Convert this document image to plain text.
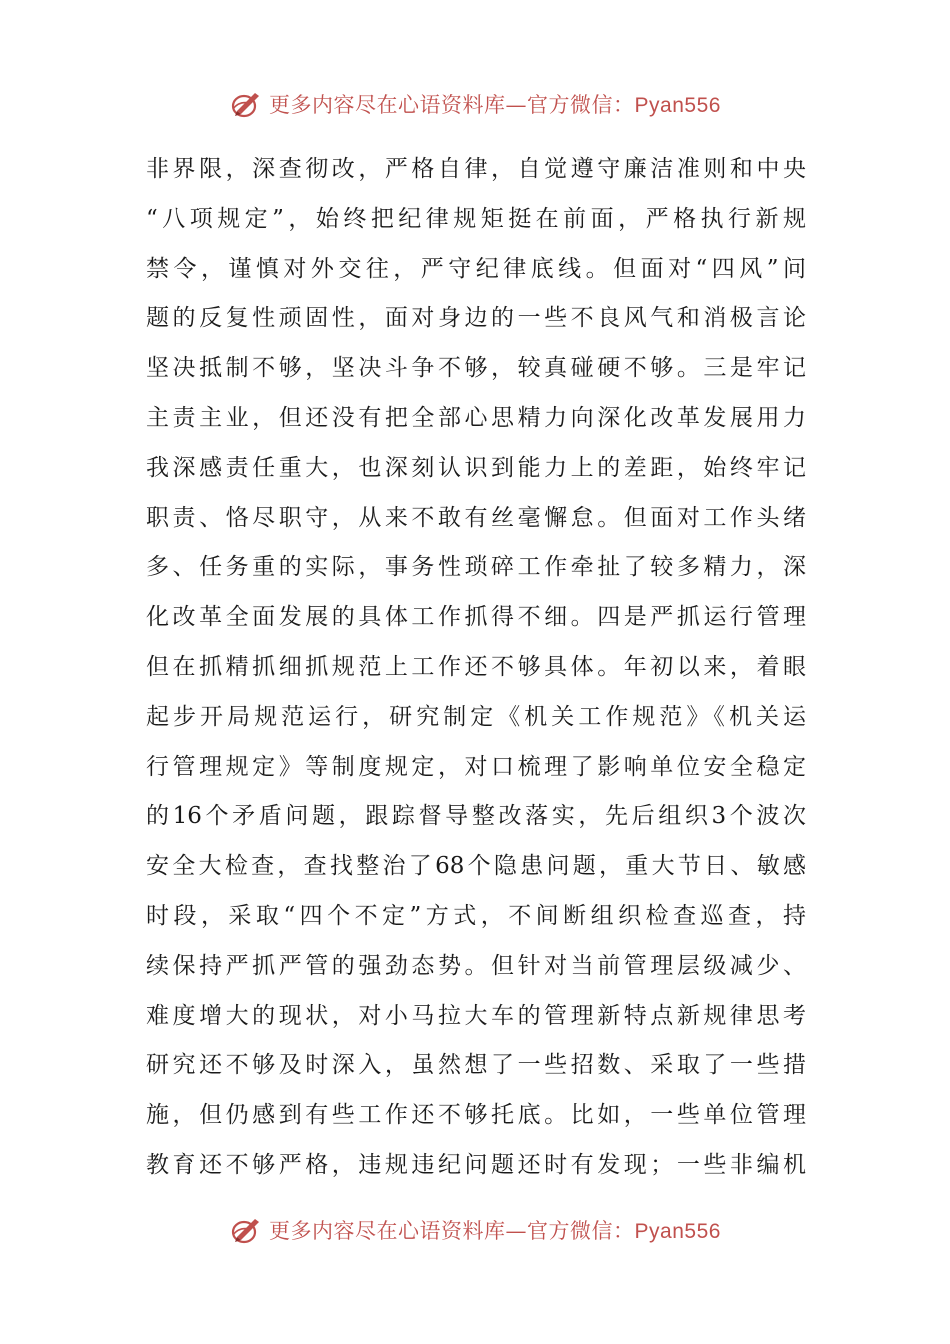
更多内容尽在心语资料库—官方微信：Pyan556
非界限，深查彻改，严格自律，自觉遵守廉洁准则和中央
“八项规定”，始终把纪律规矩挺在前面，严格执行新规
禁令，谨慎对外交往，严守纪律底线。但面对“四风”问
题的反复性顽固性，面对身边的一些不良风气和消极言论
坚决抵制不够，坚决斗争不够，较真碰硬不够。三是牢记
主责主业，但还没有把全部心思精力向深化改革发展用力
我深感责任重大，也深刻认识到能力上的差距，始终牢记
职责、恪尽职守，从来不敢有丝毫懈怠。但面对工作头绪
多、任务重的实际，事务性琐碎工作牵扯了较多精力，深
化改革全面发展的具体工作抓得不细。四是严抓运行管理
但在抓精抓细抓规范上工作还不够具体。年初以来，着眼
起步开局规范运行，研究制定《机关工作规范》《机关运
行管理规定》等制度规定，对口梳理了影响单位安全稳定
的16个矛盾问题，跟踪督导整改落实，先后组织3个波次
安全大检查，查找整治了68个隐患问题，重大节日、敏感
时段，采取“四个不定”方式，不间断组织检查巡查，持
续保持严抓严管的强劲态势。但针对当前管理层级减少、
难度增大的现状，对小马拉大车的管理新特点新规律思考
研究还不够及时深入，虽然想了一些招数、采取了一些措
施，但仍感到有些工作还不够托底。比如，一些单位管理
教育还不够严格，违规违纪问题还时有发现；一些非编机
更多内容尽在心语资料库—官方微信：Pyan556
